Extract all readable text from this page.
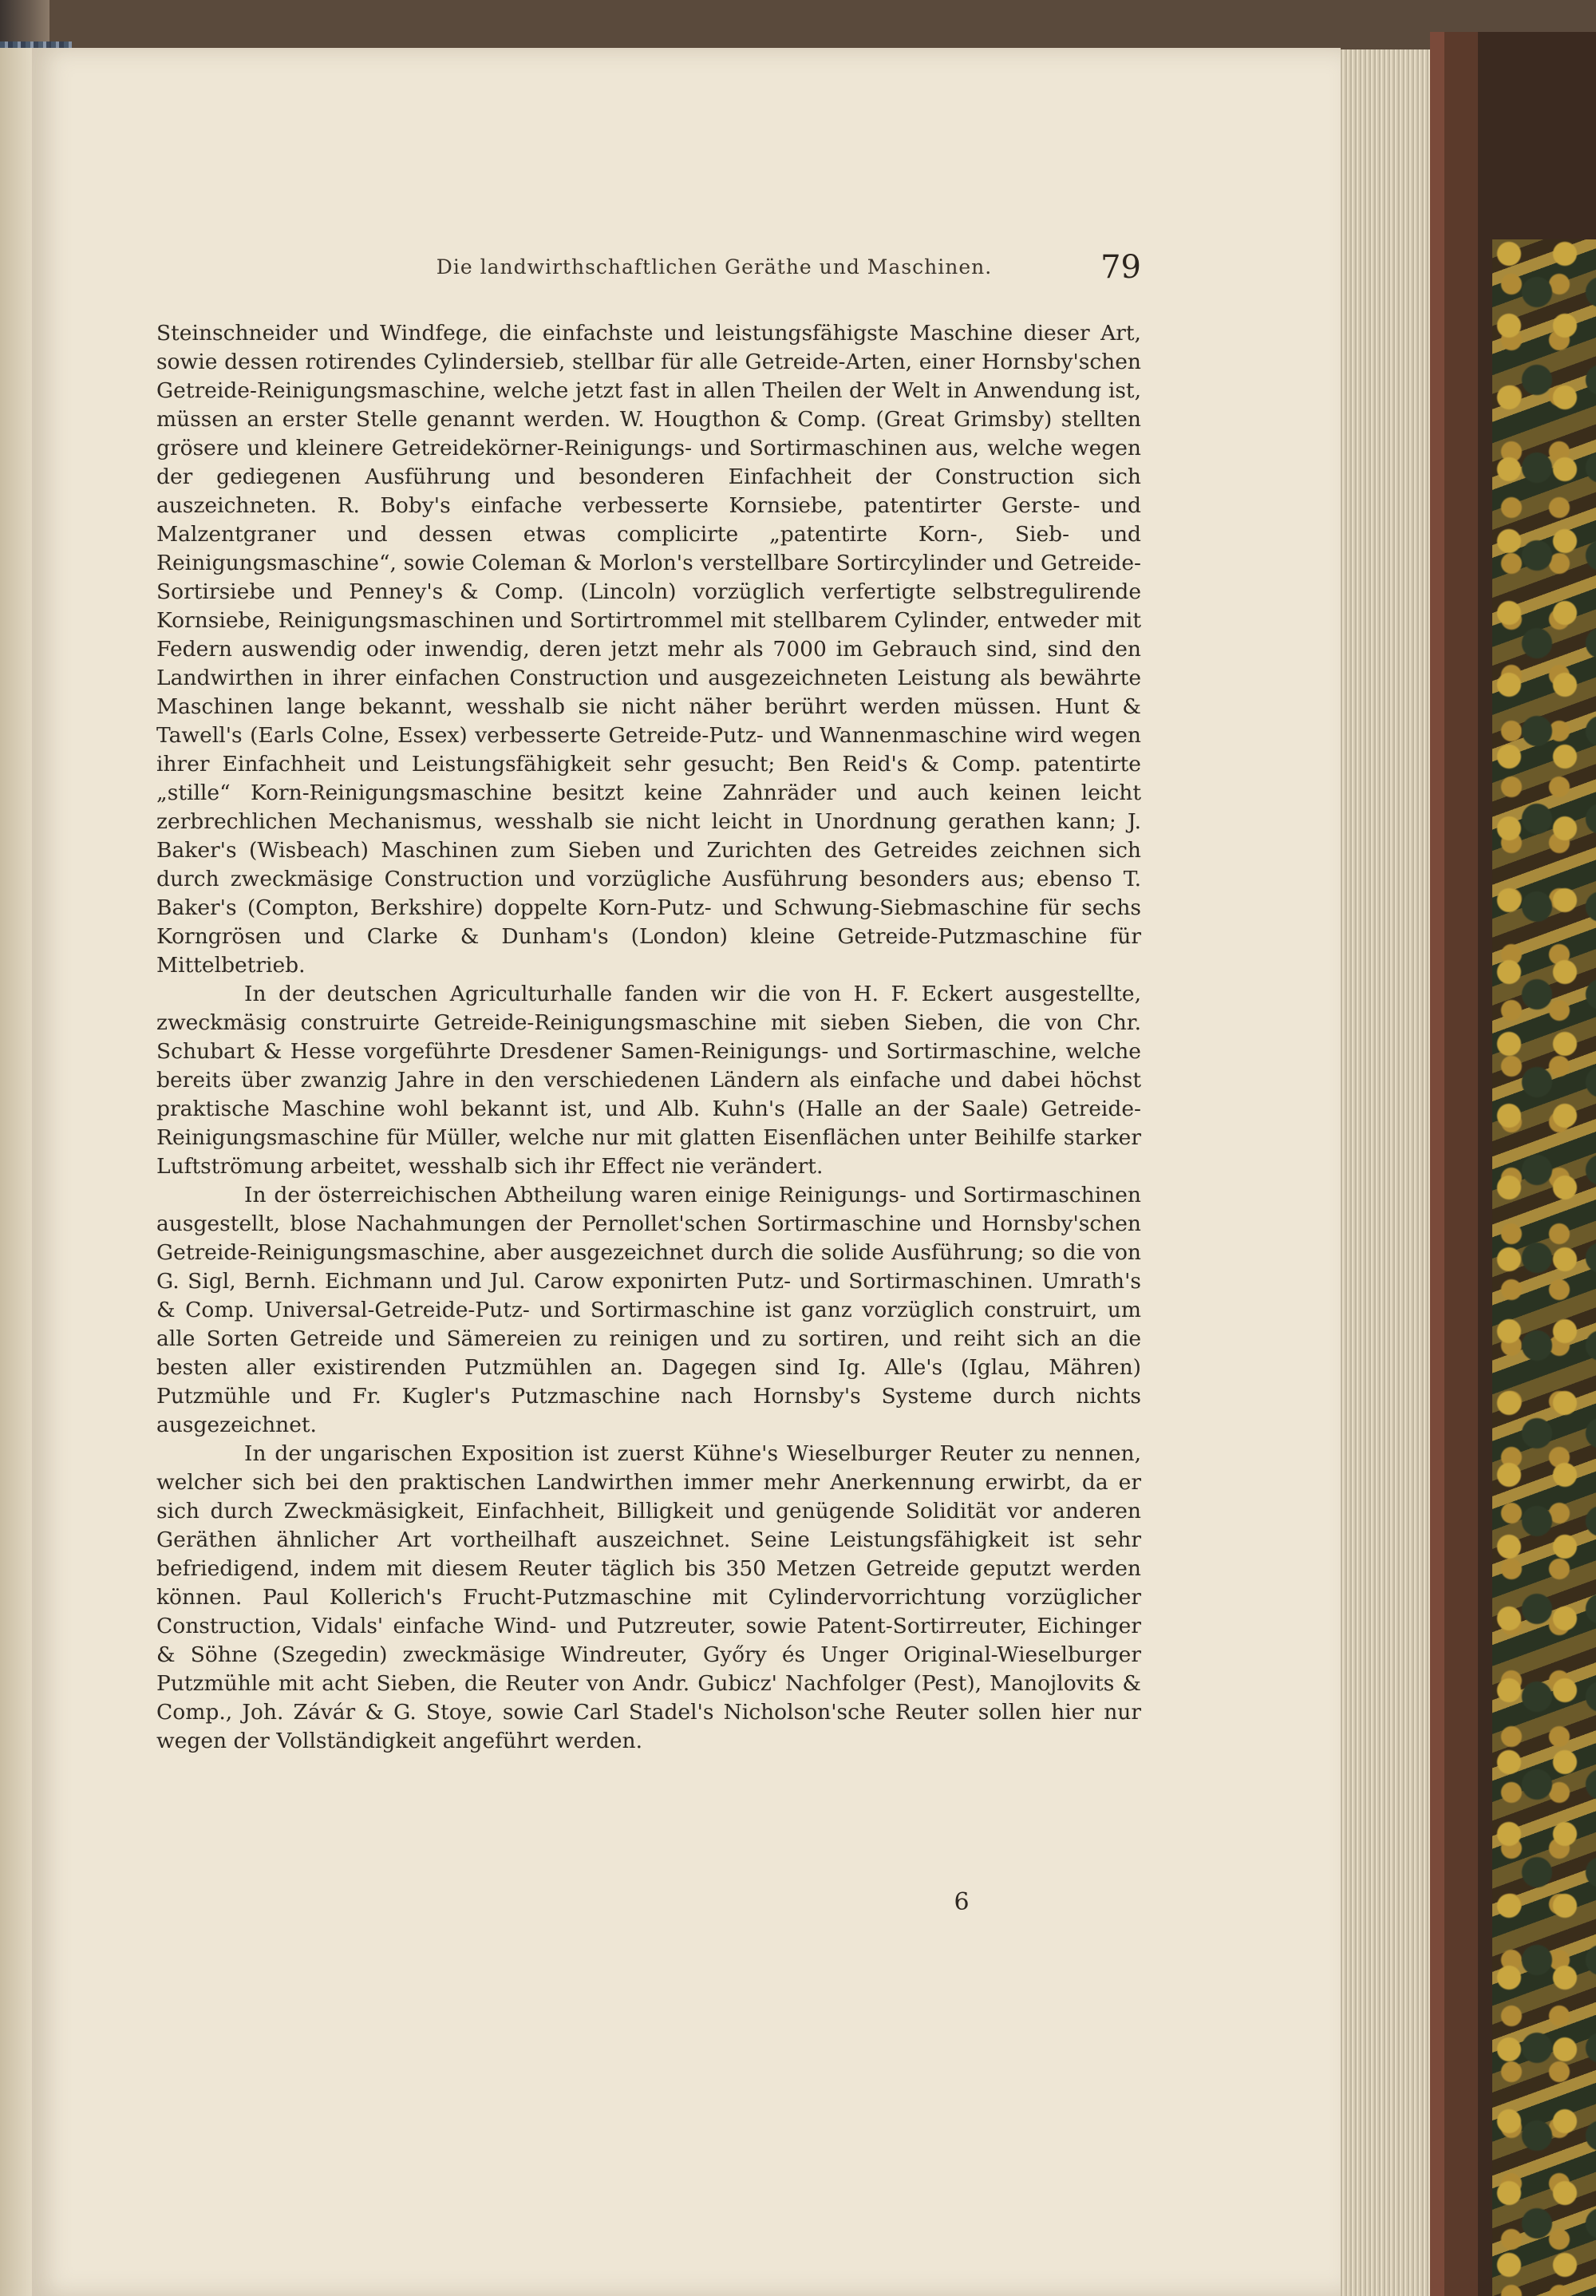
Die landwirthschaftlichen Geräthe und Maschinen.	79

Steinschneider und Windfege, die einfachste und leistungsfähigste Maschine dieser Art, sowie dessen rotirendes Cylindersieb, stellbar für alle Getreide-Arten, einer Hornsby'schen Getreide-Reinigungsmaschine, welche jetzt fast in allen Theilen der Welt in Anwendung ist, müssen an erster Stelle genannt werden. W. Hougthon & Comp. (Great Grimsby) stellten grösere und kleinere Getreidekörner-Reinigungs- und Sortirmaschinen aus, welche wegen der gediegenen Ausführung und besonderen Einfachheit der Construction sich auszeichneten. R. Boby's einfache verbesserte Kornsiebe, patentirter Gerste- und Malzentgraner und dessen etwas complicirte „patentirte Korn-, Sieb- und Reinigungsmaschine“, sowie Coleman & Morlon's verstellbare Sortircylinder und Getreide-Sortirsiebe und Penney's & Comp. (Lincoln) vorzüglich verfertigte selbstregulirende Kornsiebe, Reinigungsmaschinen und Sortirtrommel mit stellbarem Cylinder, entweder mit Federn auswendig oder inwendig, deren jetzt mehr als 7000 im Gebrauch sind, sind den Landwirthen in ihrer einfachen Construction und ausgezeichneten Leistung als bewährte Maschinen lange bekannt, wesshalb sie nicht näher berührt werden müssen. Hunt & Tawell's (Earls Colne, Essex) verbesserte Getreide-Putz- und Wannenmaschine wird wegen ihrer Einfachheit und Leistungsfähigkeit sehr gesucht; Ben Reid's & Comp. patentirte „stille“ Korn-Reinigungsmaschine besitzt keine Zahnräder und auch keinen leicht zerbrechlichen Mechanismus, wesshalb sie nicht leicht in Unordnung gerathen kann; J. Baker's (Wisbeach) Maschinen zum Sieben und Zurichten des Getreides zeichnen sich durch zweckmäsige Construction und vorzügliche Ausführung besonders aus; ebenso T. Baker's (Compton, Berkshire) doppelte Korn-Putz- und Schwung-Siebmaschine für sechs Korngrösen und Clarke & Dunham's (London) kleine Getreide-Putzmaschine für Mittelbetrieb.

In der deutschen Agriculturhalle fanden wir die von H. F. Eckert ausgestellte, zweckmäsig construirte Getreide-Reinigungsmaschine mit sieben Sieben, die von Chr. Schubart & Hesse vorgeführte Dresdener Samen-Reinigungs- und Sortirmaschine, welche bereits über zwanzig Jahre in den verschiedenen Ländern als einfache und dabei höchst praktische Maschine wohl bekannt ist, und Alb. Kuhn's (Halle an der Saale) Getreide-Reinigungsmaschine für Müller, welche nur mit glatten Eisenflächen unter Beihilfe starker Luftströmung arbeitet, wesshalb sich ihr Effect nie verändert.

In der österreichischen Abtheilung waren einige Reinigungs- und Sortirmaschinen ausgestellt, blose Nachahmungen der Pernollet'schen Sortirmaschine und Hornsby'schen Getreide-Reinigungsmaschine, aber ausgezeichnet durch die solide Ausführung; so die von G. Sigl, Bernh. Eichmann und Jul. Carow exponirten Putz- und Sortirmaschinen. Umrath's & Comp. Universal-Getreide-Putz- und Sortirmaschine ist ganz vorzüglich construirt, um alle Sorten Getreide und Sämereien zu reinigen und zu sortiren, und reiht sich an die besten aller existirenden Putzmühlen an. Dagegen sind Ig. Alle's (Iglau, Mähren) Putzmühle und Fr. Kugler's Putzmaschine nach Hornsby's Systeme durch nichts ausgezeichnet.

In der ungarischen Exposition ist zuerst Kühne's Wieselburger Reuter zu nennen, welcher sich bei den praktischen Landwirthen immer mehr Anerkennung erwirbt, da er sich durch Zweckmäsigkeit, Einfachheit, Billigkeit und genügende Solidität vor anderen Geräthen ähnlicher Art vortheilhaft auszeichnet. Seine Leistungsfähigkeit ist sehr befriedigend, indem mit diesem Reuter täglich bis 350 Metzen Getreide geputzt werden können. Paul Kollerich's Frucht-Putzmaschine mit Cylindervorrichtung vorzüglicher Construction, Vidals' einfache Wind- und Putzreuter, sowie Patent-Sortirreuter, Eichinger & Söhne (Szegedin) zweckmäsige Windreuter, Győry és Unger Original-Wieselburger Putzmühle mit acht Sieben, die Reuter von Andr. Gubicz' Nachfolger (Pest), Manojlovits & Comp., Joh. Závár & G. Stoye, sowie Carl Stadel's Nicholson'sche Reuter sollen hier nur wegen der Vollständigkeit angeführt werden.

6
